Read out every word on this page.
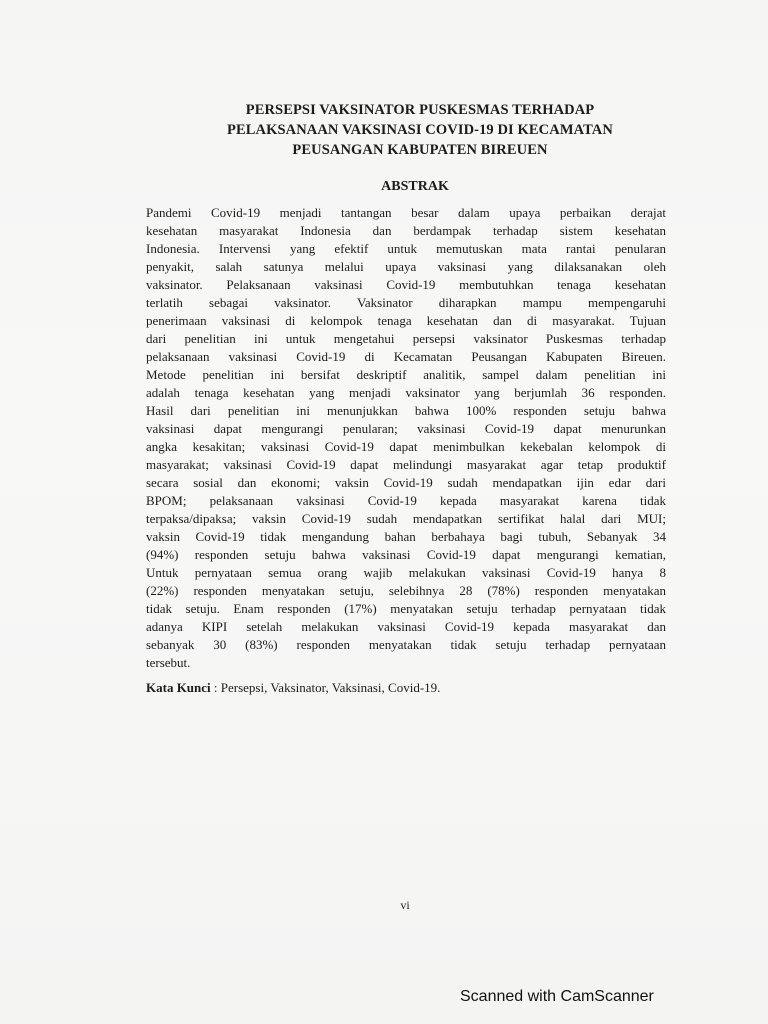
PERSEPSI VAKSINATOR PUSKESMAS TERHADAP
PELAKSANAAN VAKSINASI COVID-19 DI KECAMATAN
PEUSANGAN KABUPATEN BIREUEN
ABSTRAK
Pandemi Covid-19 menjadi tantangan besar dalam upaya perbaikan derajat
kesehatan masyarakat Indonesia dan berdampak terhadap sistem kesehatan
Indonesia. Intervensi yang efektif untuk memutuskan mata rantai penularan
penyakit, salah satunya melalui upaya vaksinasi yang dilaksanakan oleh
vaksinator. Pelaksanaan vaksinasi Covid-19 membutuhkan tenaga kesehatan
terlatih sebagai vaksinator. Vaksinator diharapkan mampu mempengaruhi
penerimaan vaksinasi di kelompok tenaga kesehatan dan di masyarakat. Tujuan
dari penelitian ini untuk mengetahui persepsi vaksinator Puskesmas terhadap
pelaksanaan vaksinasi Covid-19 di Kecamatan Peusangan Kabupaten Bireuen.
Metode penelitian ini bersifat deskriptif analitik, sampel dalam penelitian ini
adalah tenaga kesehatan yang menjadi vaksinator yang berjumlah 36 responden.
Hasil dari penelitian ini menunjukkan bahwa 100% responden setuju bahwa
vaksinasi dapat mengurangi penularan; vaksinasi Covid-19 dapat menurunkan
angka kesakitan; vaksinasi Covid-19 dapat menimbulkan kekebalan kelompok di
masyarakat; vaksinasi Covid-19 dapat melindungi masyarakat agar tetap produktif
secara sosial dan ekonomi; vaksin Covid-19 sudah mendapatkan ijin edar dari
BPOM; pelaksanaan vaksinasi Covid-19 kepada masyarakat karena tidak
terpaksa/dipaksa; vaksin Covid-19 sudah mendapatkan sertifikat halal dari MUI;
vaksin Covid-19 tidak mengandung bahan berbahaya bagi tubuh, Sebanyak 34
(94%) responden setuju bahwa vaksinasi Covid-19 dapat mengurangi kematian,
Untuk pernyataan semua orang wajib melakukan vaksinasi Covid-19 hanya 8
(22%) responden menyatakan setuju, selebihnya 28 (78%) responden menyatakan
tidak setuju. Enam responden (17%) menyatakan setuju terhadap pernyataan tidak
adanya KIPI setelah melakukan vaksinasi Covid-19 kepada masyarakat dan
sebanyak 30 (83%) responden menyatakan tidak setuju terhadap pernyataan
tersebut.

Kata Kunci : Persepsi, Vaksinator, Vaksinasi, Covid-19.

vi

Scanned with CamScanner
